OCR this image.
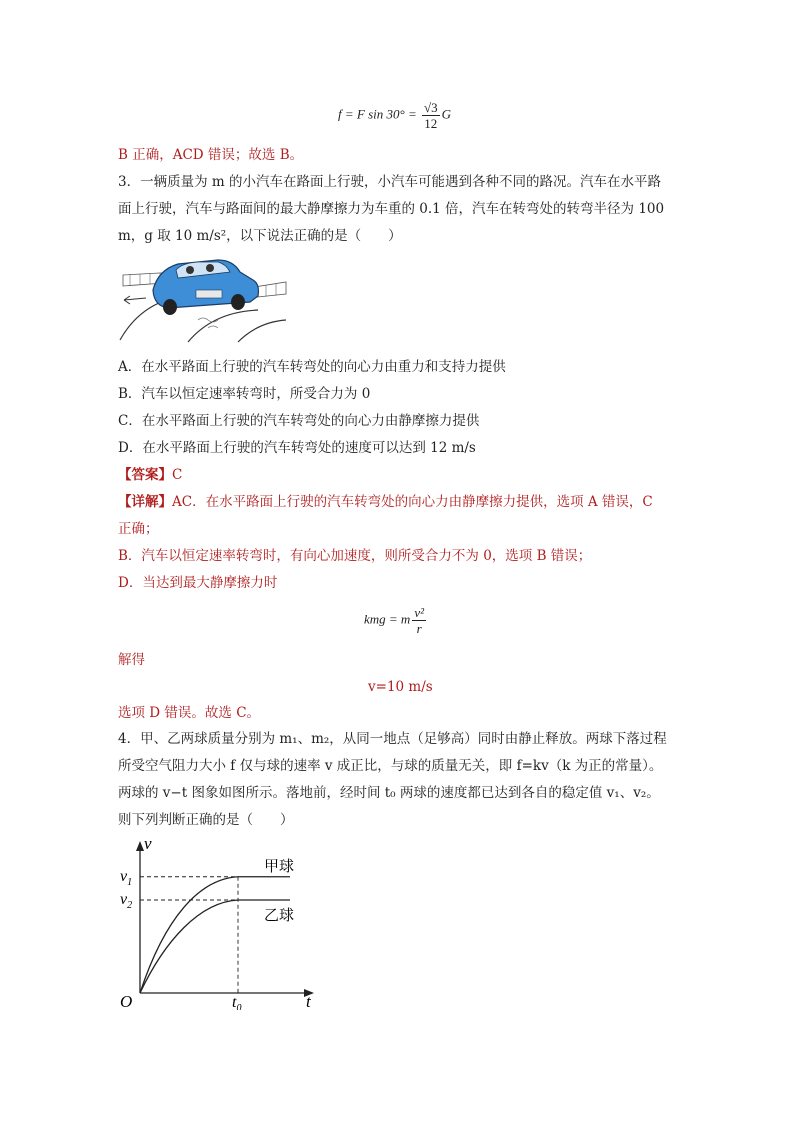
f = F $\sin 30^\circ = \frac{√3}{12}$ G
B 正确，ACD 错误；故选 B。
3．一辆质量为 m 的小汽车在路面上行驶，小汽车可能遇到各种不同的路况。汽车在水平路
面上行驶，汽车与路面间的最大静摩擦力为车重的 0.1 倍，汽车在转弯处的转弯半径为 100
m，g 取 10 m/s²，以下说法正确的是（　　）
A．在水平路面上行驶的汽车转弯处的向心力由重力和支持力提供
B．汽车以恒定速率转弯时，所受合力为 0
C．在水平路面上行驶的汽车转弯处的向心力由静摩擦力提供
D．在水平路面上行驶的汽车转弯处的速度可以达到 12 m/s
【答案】C
【详解】AC．在水平路面上行驶的汽车转弯处的向心力由静摩擦力提供，选项 A 错误，C
正确；
B．汽车以恒定速率转弯时，有向心加速度，则所受合力不为 0，选项 B 错误；
D．当达到最大静摩擦力时
kmg = m $\frac{\text{v²}}{r}$
解得
v=10 m/s
选项 D 错误。故选 C。
4．甲、乙两球质量分别为 m₁、m₂，从同一地点（足够高）同时由静止释放。两球下落过程
所受空气阻力大小 f 仅与球的速率 v 成正比，与球的质量无关，即 f=kv（k 为正的常量）。
两球的 v−t 图象如图所示。落地前，经时间 t₀ 两球的速度都已达到各自的稳定值 v₁、v₂。
则下列判断正确的是（　　）
v
t
O
$v_1$
$v_2$
$t_0$
甲球
乙球
